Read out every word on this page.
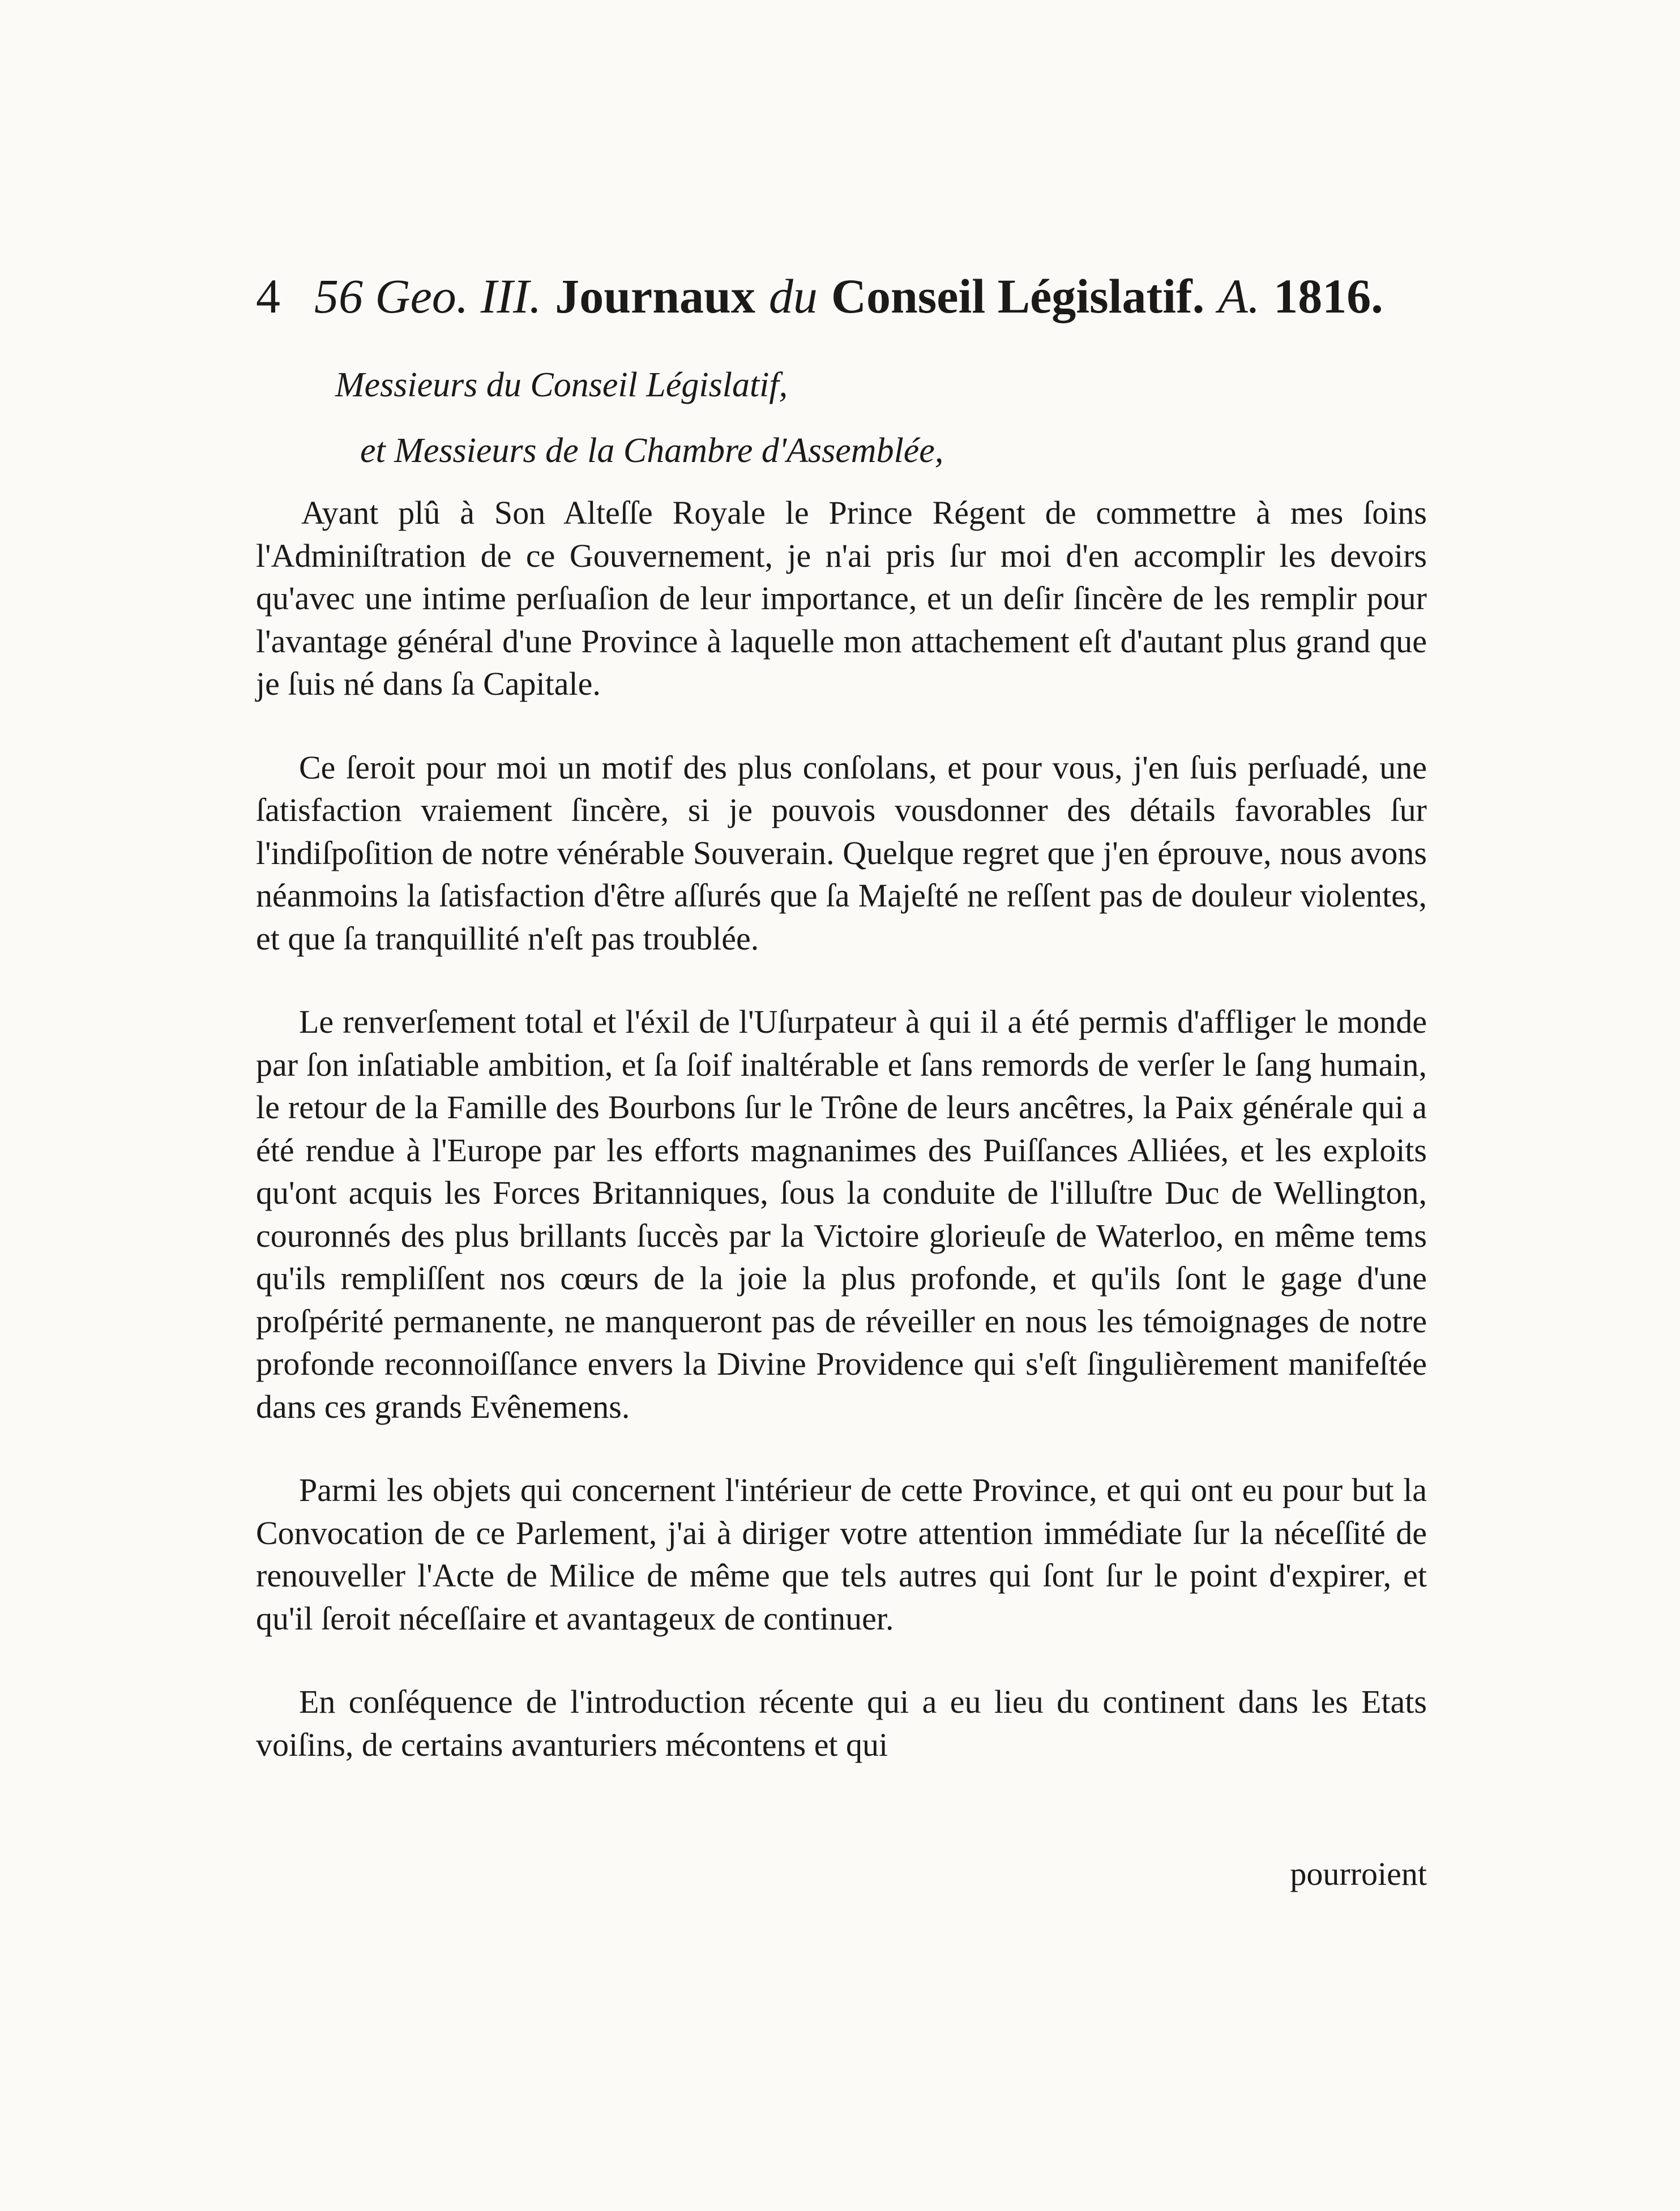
4 56 Geo. III. Journaux du Conseil Législatif. A. 1816.
Messieurs du Conseil Législatif,
et Messieurs de la Chambre d'Assemblée,

Ayant plû à Son Alteſſe Royale le Prince Régent de commettre à mes ſoins l'Adminiſtration de ce Gouvernement, je n'ai pris ſur moi d'en accomplir les devoirs qu'avec une intime perſuaſion de leur importance, et un deſir ſincère de les remplir pour l'avantage général d'une Province à laquelle mon attachement eſt d'autant plus grand que je ſuis né dans ſa Capitale.

Ce ſeroit pour moi un motif des plus conſolans, et pour vous, j'en ſuis perſuadé, une ſatisfaction vraiement ſincère, si je pouvois vousdonner des détails favorables ſur l'indiſpoſition de notre vénérable Souverain. Quelque regret que j'en éprouve, nous avons néanmoins la ſatisfaction d'être aſſurés que ſa Majeſté ne reſſent pas de douleur violentes, et que ſa tranquillité n'eſt pas troublée.

Le renverſement total et l'éxil de l'Uſurpateur à qui il a été permis d'affliger le monde par ſon inſatiable ambition, et ſa ſoif inaltérable et ſans remords de verſer le ſang humain, le retour de la Famille des Bourbons ſur le Trône de leurs ancêtres, la Paix générale qui a été rendue à l'Europe par les efforts magnanimes des Puiſſances Alliées, et les exploits qu'ont acquis les Forces Britanniques, ſous la conduite de l'illuſtre Duc de Wellington, couronnés des plus brillants ſuccès par la Victoire glorieuſe de Waterloo, en même tems qu'ils rempliſſent nos cœurs de la joie la plus profonde, et qu'ils ſont le gage d'une proſpérité permanente, ne manqueront pas de réveiller en nous les témoignages de notre profonde reconnoiſſance envers la Divine Providence qui s'eſt ſingulièrement manifeſtée dans ces grands Evênemens.

Parmi les objets qui concernent l'intérieur de cette Province, et qui ont eu pour but la Convocation de ce Parlement, j'ai à diriger votre attention immédiate ſur la néceſſité de renouveller l'Acte de Milice de même que tels autres qui ſont ſur le point d'expirer, et qu'il ſeroit néceſſaire et avantageux de continuer.

En conſéquence de l'introduction récente qui a eu lieu du continent dans les Etats voiſins, de certains avanturiers mécontens et qui

pourroient
